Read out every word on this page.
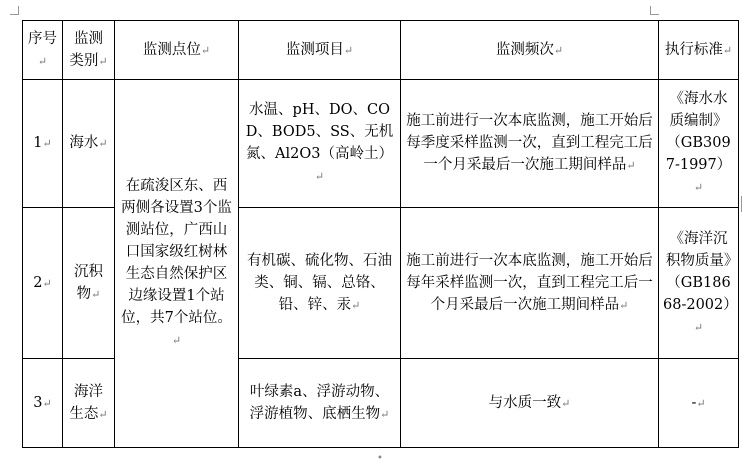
序号↵	监测类别↵	监测点位↵	监测项目↵	监测频次↵	执行标准↵
1↵	海水↵	在疏浚区东、西两侧各设置3个监测站位，广西山口国家级红树林生态自然保护区边缘设置1个站位，共7个站位。↵	水温、pH、DO、COD、BOD5、SS、无机氮、Al2O3（高岭土）↵	施工前进行一次本底监测，施工开始后每季度采样监测一次，直到工程完工后一个月采最后一次施工期间样品↵	《海水水质编制》（GB3097-1997）↵
2↵	沉积物↵		有机碳、硫化物、石油类、铜、镉、总铬、铅、锌、汞↵	施工前进行一次本底监测，施工开始后每年采样监测一次，直到工程完工后一个月采最后一次施工期间样品↵	《海洋沉积物质量》（GB18668-2002）↵
3↵	海洋生态↵		叶绿素a、浮游动物、浮游植物、底栖生物↵	与水质一致↵	-↵
•
